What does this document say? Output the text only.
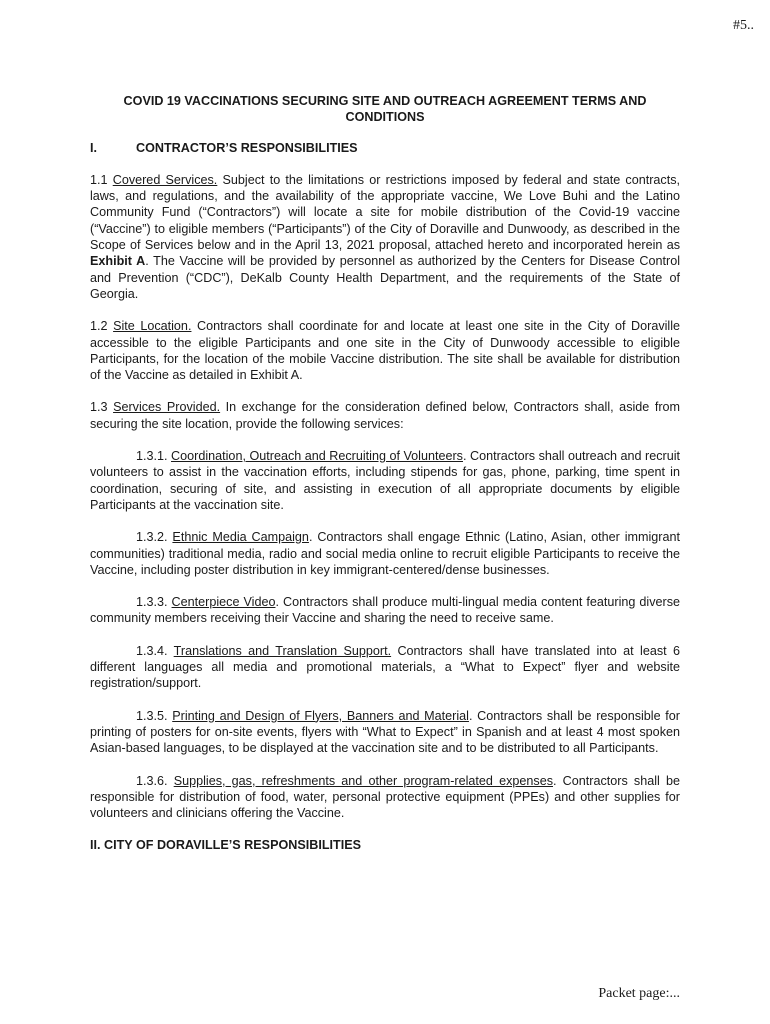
#5..

COVID 19 VACCINATIONS SECURING SITE AND OUTREACH AGREEMENT TERMS AND CONDITIONS

I.	CONTRACTOR’S RESPONSIBILITIES

1.1 Covered Services. Subject to the limitations or restrictions imposed by federal and state contracts, laws, and regulations, and the availability of the appropriate vaccine, We Love Buhi and the Latino Community Fund (“Contractors”) will locate a site for mobile distribution of the Covid-19 vaccine (“Vaccine”) to eligible members (“Participants”) of the City of Doraville and Dunwoody, as described in the Scope of Services below and in the April 13, 2021 proposal, attached hereto and incorporated herein as Exhibit A. The Vaccine will be provided by personnel as authorized by the Centers for Disease Control and Prevention (“CDC”), DeKalb County Health Department, and the requirements of the State of Georgia.

1.2 Site Location. Contractors shall coordinate for and locate at least one site in the City of Doraville accessible to the eligible Participants and one site in the City of Dunwoody accessible to eligible Participants, for the location of the mobile Vaccine distribution. The site shall be available for distribution of the Vaccine as detailed in Exhibit A.

1.3 Services Provided. In exchange for the consideration defined below, Contractors shall, aside from securing the site location, provide the following services:

1.3.1. Coordination, Outreach and Recruiting of Volunteers. Contractors shall outreach and recruit volunteers to assist in the vaccination efforts, including stipends for gas, phone, parking, time spent in coordination, securing of site, and assisting in execution of all appropriate documents by eligible Participants at the vaccination site.

1.3.2. Ethnic Media Campaign. Contractors shall engage Ethnic (Latino, Asian, other immigrant communities) traditional media, radio and social media online to recruit eligible Participants to receive the Vaccine, including poster distribution in key immigrant-centered/dense businesses.

1.3.3. Centerpiece Video. Contractors shall produce multi-lingual media content featuring diverse community members receiving their Vaccine and sharing the need to receive same.

1.3.4. Translations and Translation Support. Contractors shall have translated into at least 6 different languages all media and promotional materials, a “What to Expect” flyer and website registration/support.

1.3.5. Printing and Design of Flyers, Banners and Material. Contractors shall be responsible for printing of posters for on-site events, flyers with “What to Expect” in Spanish and at least 4 most spoken Asian-based languages, to be displayed at the vaccination site and to be distributed to all Participants.

1.3.6. Supplies, gas, refreshments and other program-related expenses. Contractors shall be responsible for distribution of food, water, personal protective equipment (PPEs) and other supplies for volunteers and clinicians offering the Vaccine.

II. CITY OF DORAVILLE’S RESPONSIBILITIES
Packet page:...
